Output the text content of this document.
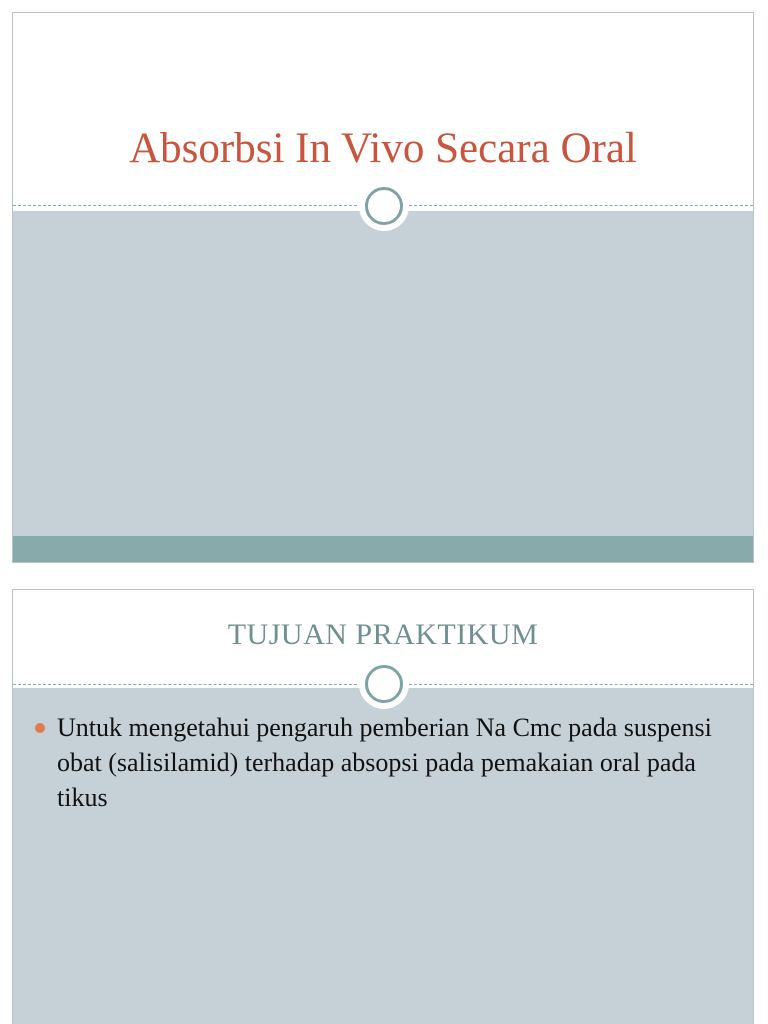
Absorbsi In Vivo Secara Oral
TUJUAN PRAKTIKUM
Untuk mengetahui pengaruh pemberian Na Cmc pada suspensi obat (salisilamid) terhadap absopsi pada pemakaian oral pada tikus
